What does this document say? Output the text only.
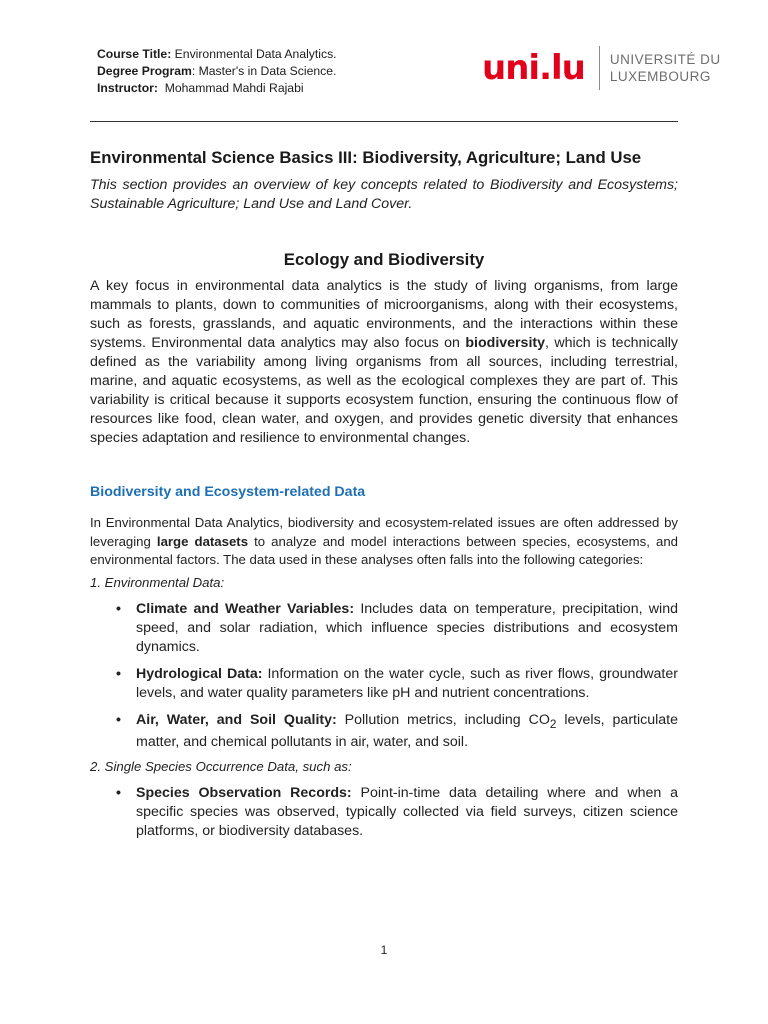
Course Title: Environmental Data Analytics.
Degree Program: Master's in Data Science.
Instructor:  Mohammad Mahdi Rajabi	uni.lu UNIVERSITÉ DU
LUXEMBOURG
Environmental Science Basics III: Biodiversity, Agriculture; Land Use

This section provides an overview of key concepts related to Biodiversity and Ecosystems; Sustainable Agriculture; Land Use and Land Cover.

Ecology and Biodiversity

A key focus in environmental data analytics is the study of living organisms, from large mammals to plants, down to communities of microorganisms, along with their ecosystems, such as forests, grasslands, and aquatic environments, and the interactions within these systems. Environmental data analytics may also focus on biodiversity, which is technically defined as the variability among living organisms from all sources, including terrestrial, marine, and aquatic ecosystems, as well as the ecological complexes they are part of. This variability is critical because it supports ecosystem function, ensuring the continuous flow of resources like food, clean water, and oxygen, and provides genetic diversity that enhances species adaptation and resilience to environmental changes.

Biodiversity and Ecosystem-related Data

In Environmental Data Analytics, biodiversity and ecosystem-related issues are often addressed by leveraging large datasets to analyze and model interactions between species, ecosystems, and environmental factors. The data used in these analyses often falls into the following categories:

1. Environmental Data:

• Climate and Weather Variables: Includes data on temperature, precipitation, wind speed, and solar radiation, which influence species distributions and ecosystem dynamics.
• Hydrological Data: Information on the water cycle, such as river flows, groundwater levels, and water quality parameters like pH and nutrient concentrations.
• Air, Water, and Soil Quality: Pollution metrics, including $CO_2$ levels, particulate matter, and chemical pollutants in air, water, and soil.

2. Single Species Occurrence Data, such as:

• Species Observation Records: Point-in-time data detailing where and when a specific species was observed, typically collected via field surveys, citizen science platforms, or biodiversity databases.
1
